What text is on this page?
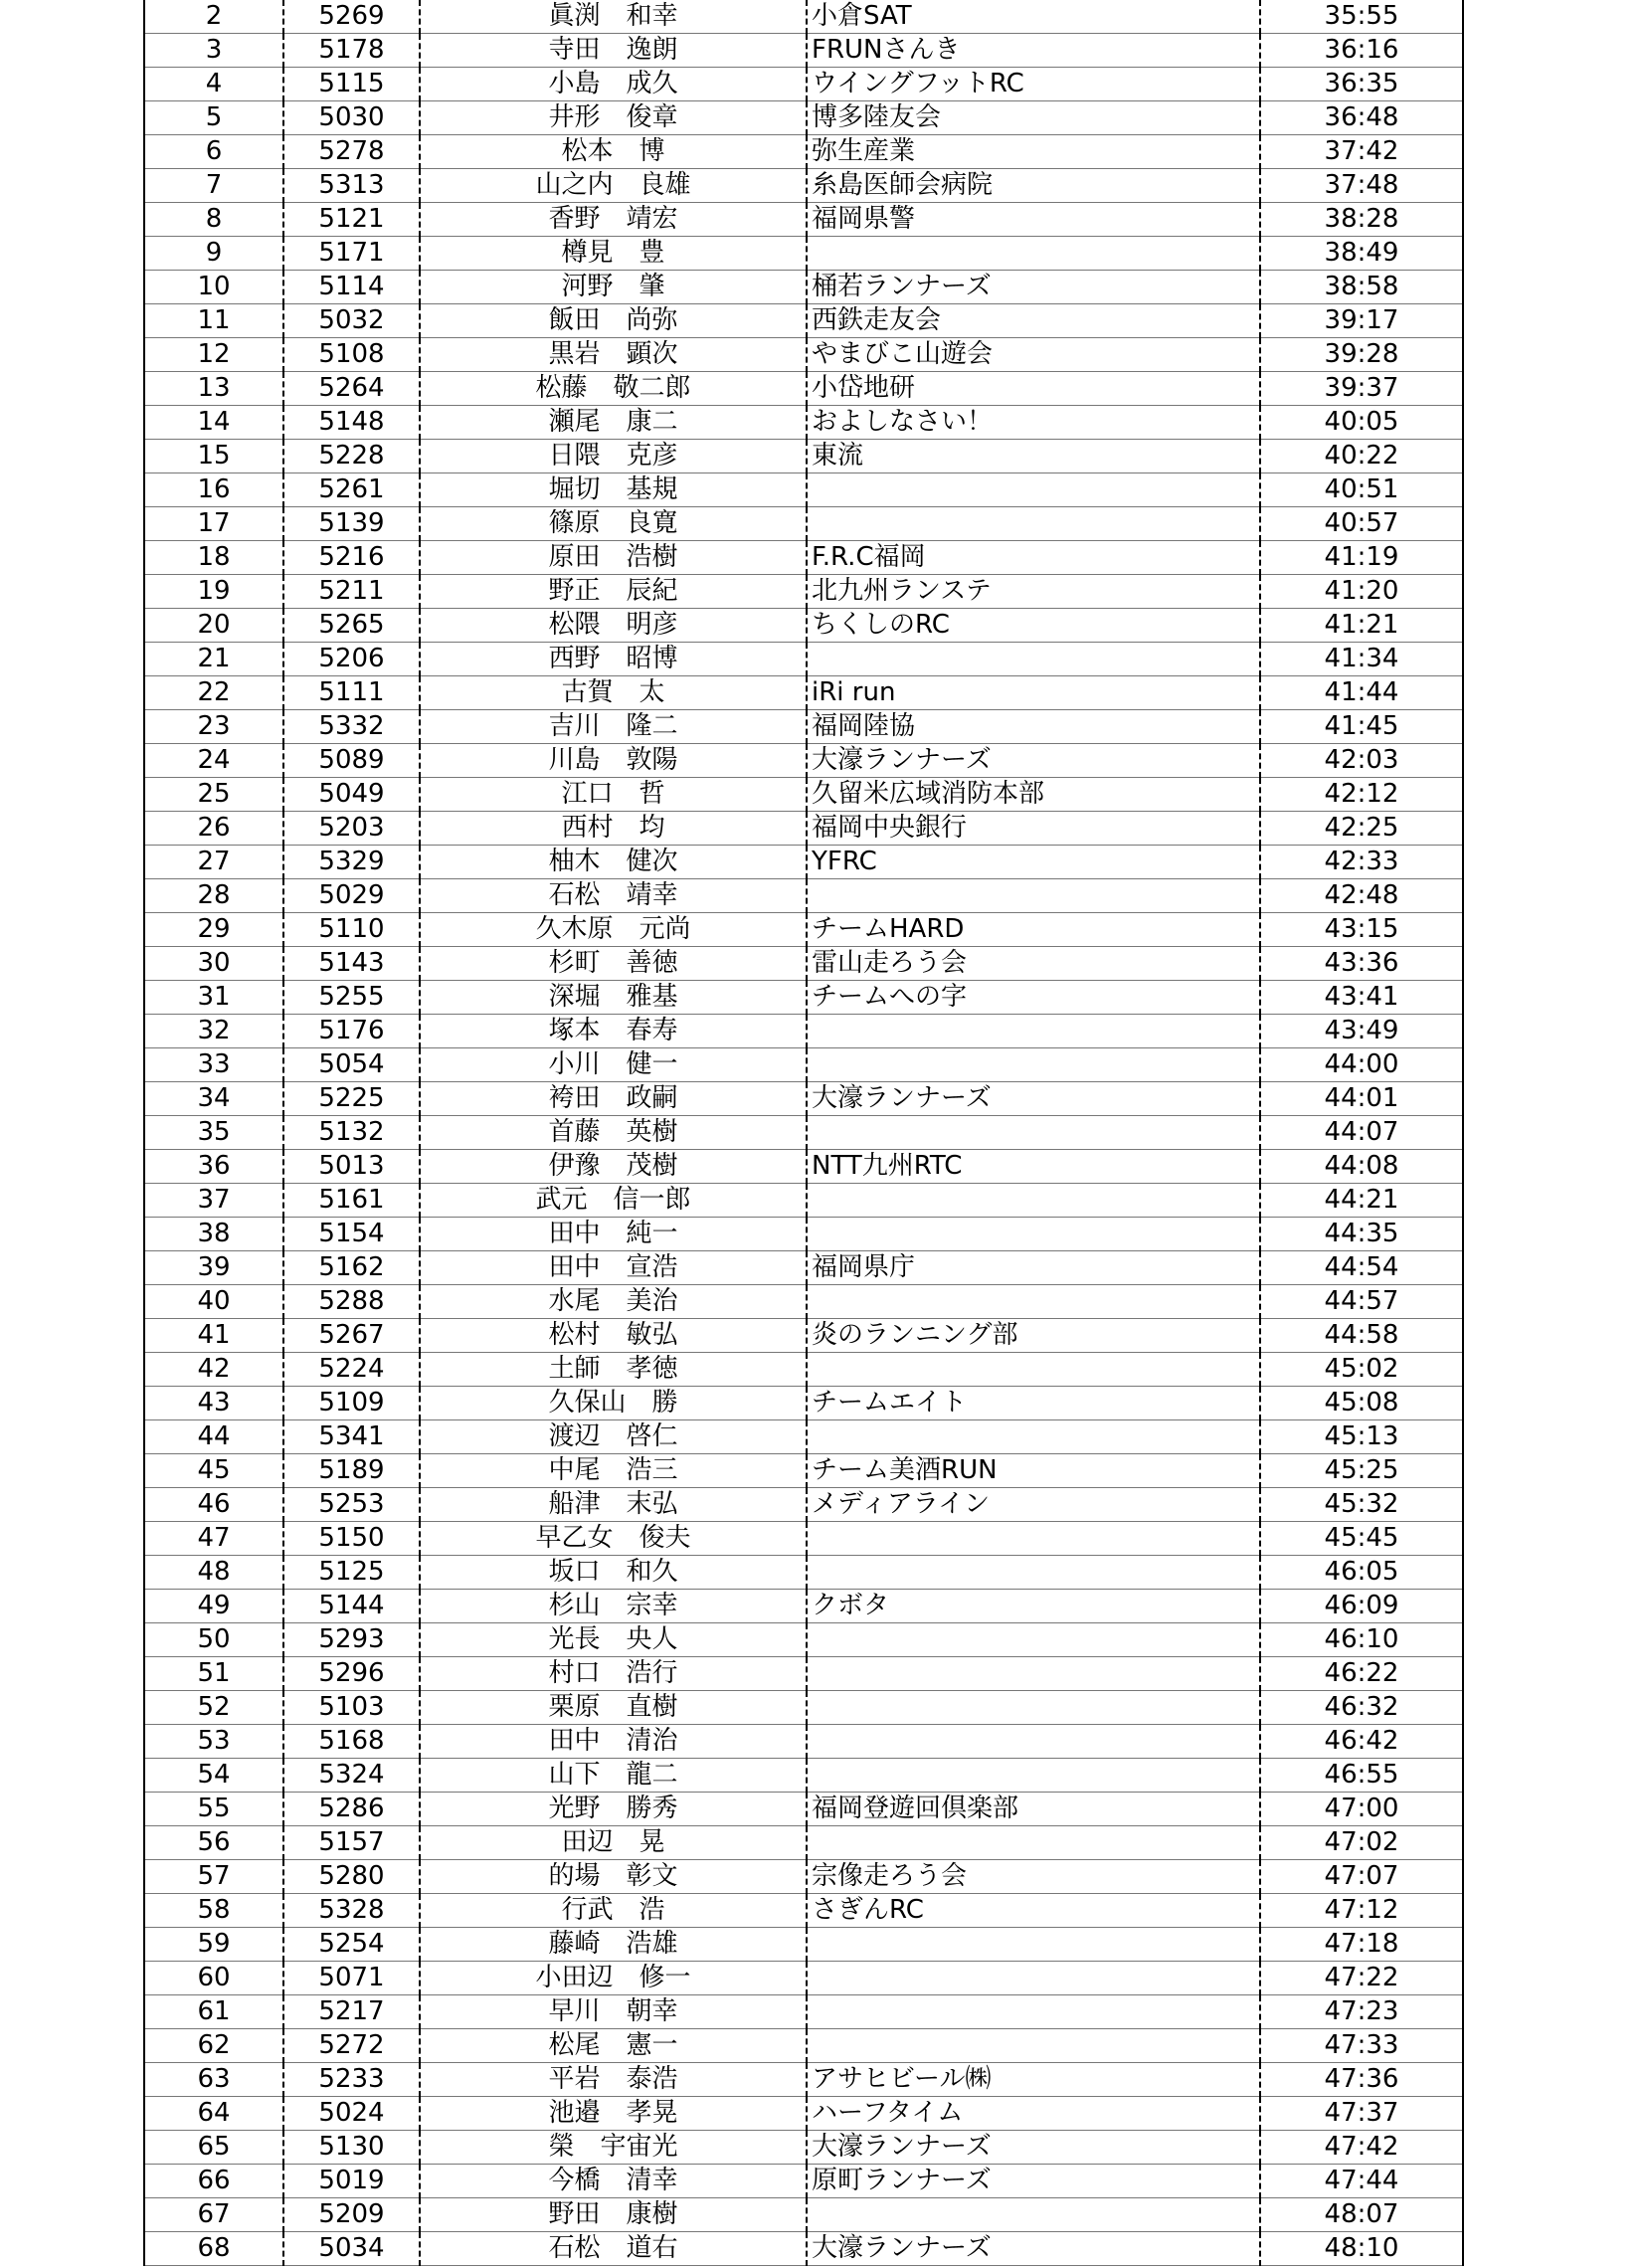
2	5269	眞渕　和幸	小倉SAT	35:55
3	5178	寺田　逸朗	FRUNさんき	36:16
4	5115	小島　成久	ウイングフットRC	36:35
5	5030	井形　俊章	博多陸友会	36:48
6	5278	松本　博	弥生産業	37:42
7	5313	山之内　良雄	糸島医師会病院	37:48
8	5121	香野　靖宏	福岡県警	38:28
9	5171	樽見　豊		38:49
10	5114	河野　肇	桶若ランナーズ	38:58
11	5032	飯田　尚弥	西鉄走友会	39:17
12	5108	黒岩　顕次	やまびこ山遊会	39:28
13	5264	松藤　敬二郎	小岱地研	39:37
14	5148	瀬尾　康二	およしなさい！	40:05
15	5228	日隈　克彦	東流	40:22
16	5261	堀切　基規		40:51
17	5139	篠原　良寛		40:57
18	5216	原田　浩樹	F.R.C福岡	41:19
19	5211	野正　辰紀	北九州ランステ	41:20
20	5265	松隈　明彦	ちくしのRC	41:21
21	5206	西野　昭博		41:34
22	5111	古賀　太	iRi run	41:44
23	5332	吉川　隆二	福岡陸協	41:45
24	5089	川島　敦陽	大濠ランナーズ	42:03
25	5049	江口　哲	久留米広域消防本部	42:12
26	5203	西村　均	福岡中央銀行	42:25
27	5329	柚木　健次	YFRC	42:33
28	5029	石松　靖幸		42:48
29	5110	久木原　元尚	チームHARD	43:15
30	5143	杉町　善徳	雷山走ろう会	43:36
31	5255	深堀　雅基	チームへの字	43:41
32	5176	塚本　春寿		43:49
33	5054	小川　健一		44:00
34	5225	袴田　政嗣	大濠ランナーズ	44:01
35	5132	首藤　英樹		44:07
36	5013	伊豫　茂樹	NTT九州RTC	44:08
37	5161	武元　信一郎		44:21
38	5154	田中　純一		44:35
39	5162	田中　宣浩	福岡県庁	44:54
40	5288	水尾　美治		44:57
41	5267	松村　敏弘	炎のランニング部	44:58
42	5224	土師　孝徳		45:02
43	5109	久保山　勝	チームエイト	45:08
44	5341	渡辺　啓仁		45:13
45	5189	中尾　浩三	チーム美酒RUN	45:25
46	5253	船津　末弘	メディアライン	45:32
47	5150	早乙女　俊夫		45:45
48	5125	坂口　和久		46:05
49	5144	杉山　宗幸	クボタ	46:09
50	5293	光長　央人		46:10
51	5296	村口　浩行		46:22
52	5103	栗原　直樹		46:32
53	5168	田中　清治		46:42
54	5324	山下　龍二		46:55
55	5286	光野　勝秀	福岡登遊回倶楽部	47:00
56	5157	田辺　晃		47:02
57	5280	的場　彰文	宗像走ろう会	47:07
58	5328	行武　浩	さぎんRC	47:12
59	5254	藤崎　浩雄		47:18
60	5071	小田辺　修一		47:22
61	5217	早川　朝幸		47:23
62	5272	松尾　憲一		47:33
63	5233	平岩　泰浩	アサヒビール㈱	47:36
64	5024	池邉　孝晃	ハーフタイム	47:37
65	5130	榮　宇宙光	大濠ランナーズ	47:42
66	5019	今橋　清幸	原町ランナーズ	47:44
67	5209	野田　康樹		48:07
68	5034	石松　道右	大濠ランナーズ	48:10
